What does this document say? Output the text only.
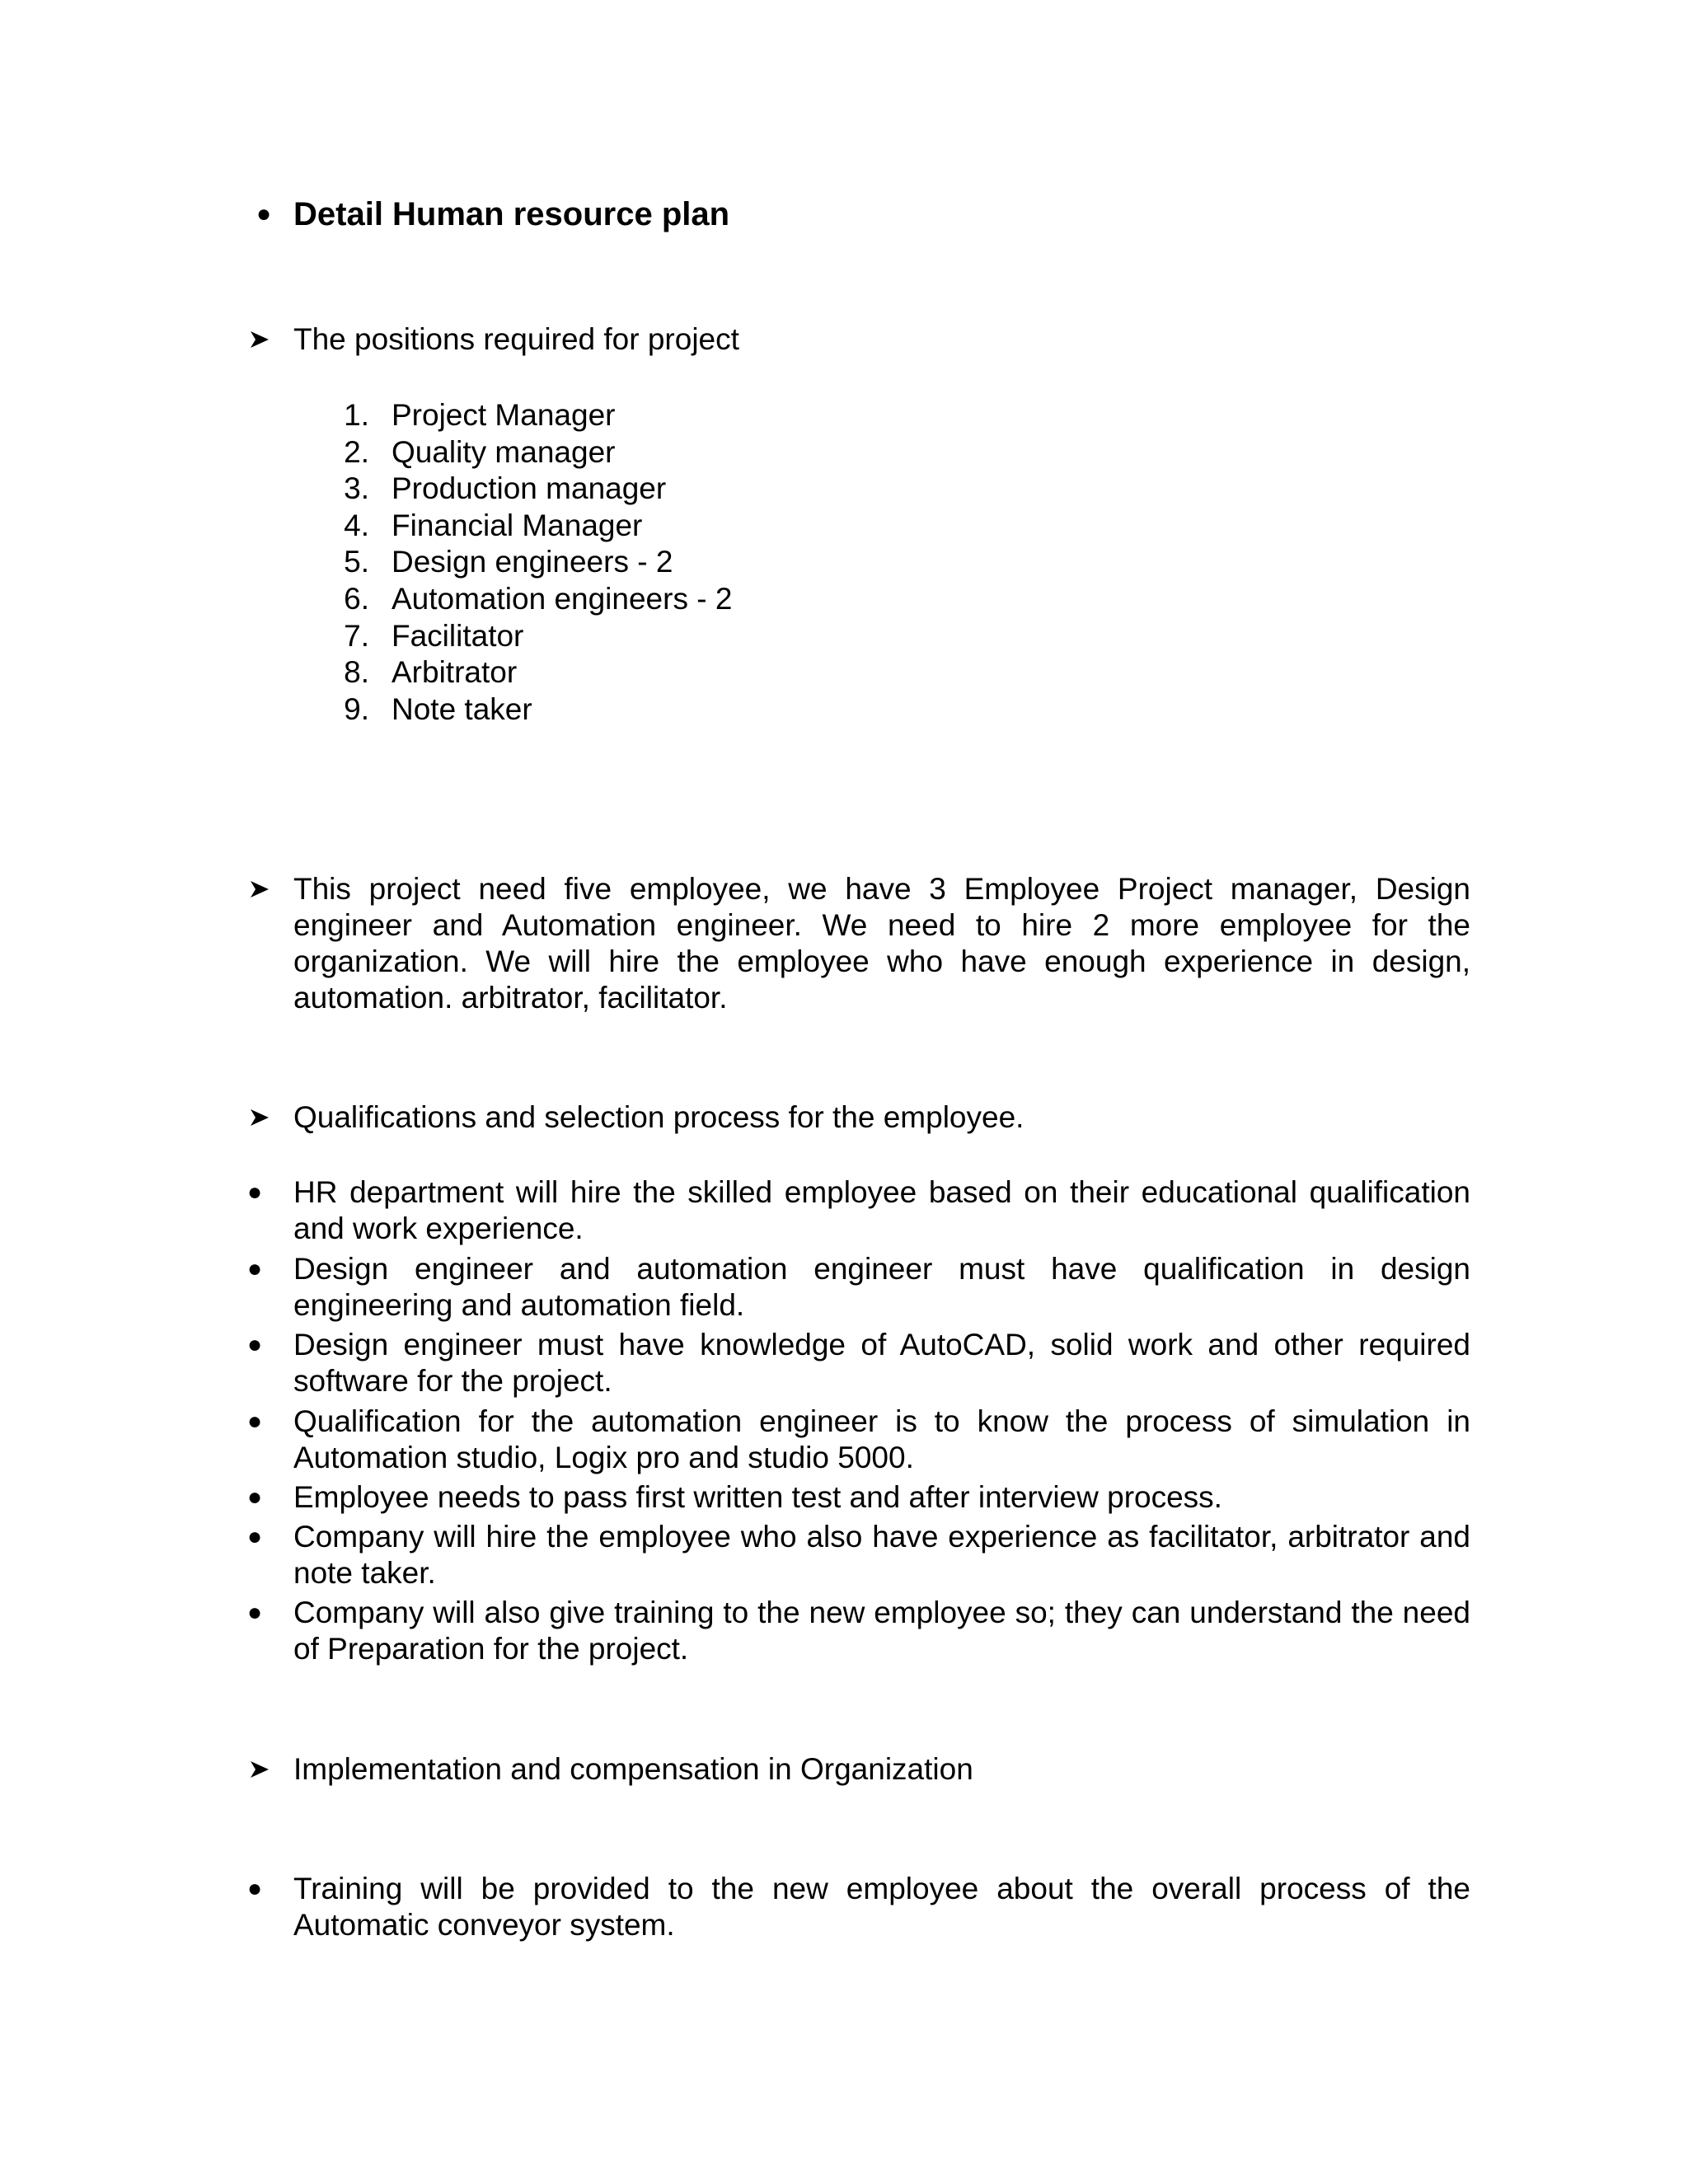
● Detail Human resource plan
The positions required for project
1. Project Manager
2. Quality manager
3. Production manager
4. Financial Manager
5. Design engineers - 2
6. Automation engineers - 2
7. Facilitator
8. Arbitrator
9. Note taker
This project need five employee, we have 3 Employee Project manager, Design engineer and Automation engineer. We need to hire 2 more employee for the organization. We will hire the employee who have enough experience in design, automation. arbitrator, facilitator.
Qualifications and selection process for the employee.
●	HR department will hire the skilled employee based on their educational qualification and work experience.
●	Design engineer and automation engineer must have qualification in design engineering and automation field.
●	Design engineer must have knowledge of AutoCAD, solid work and other required software for the project.
●	Qualification for the automation engineer is to know the process of simulation in Automation studio, Logix pro and studio 5000.
●	Employee needs to pass first written test and after interview process.
●	Company will hire the employee who also have experience as facilitator, arbitrator and note taker.
●	Company will also give training to the new employee so; they can understand the need of Preparation for the project.
Implementation and compensation in Organization
●	Training will be provided to the new employee about the overall process of the Automatic conveyor system.
